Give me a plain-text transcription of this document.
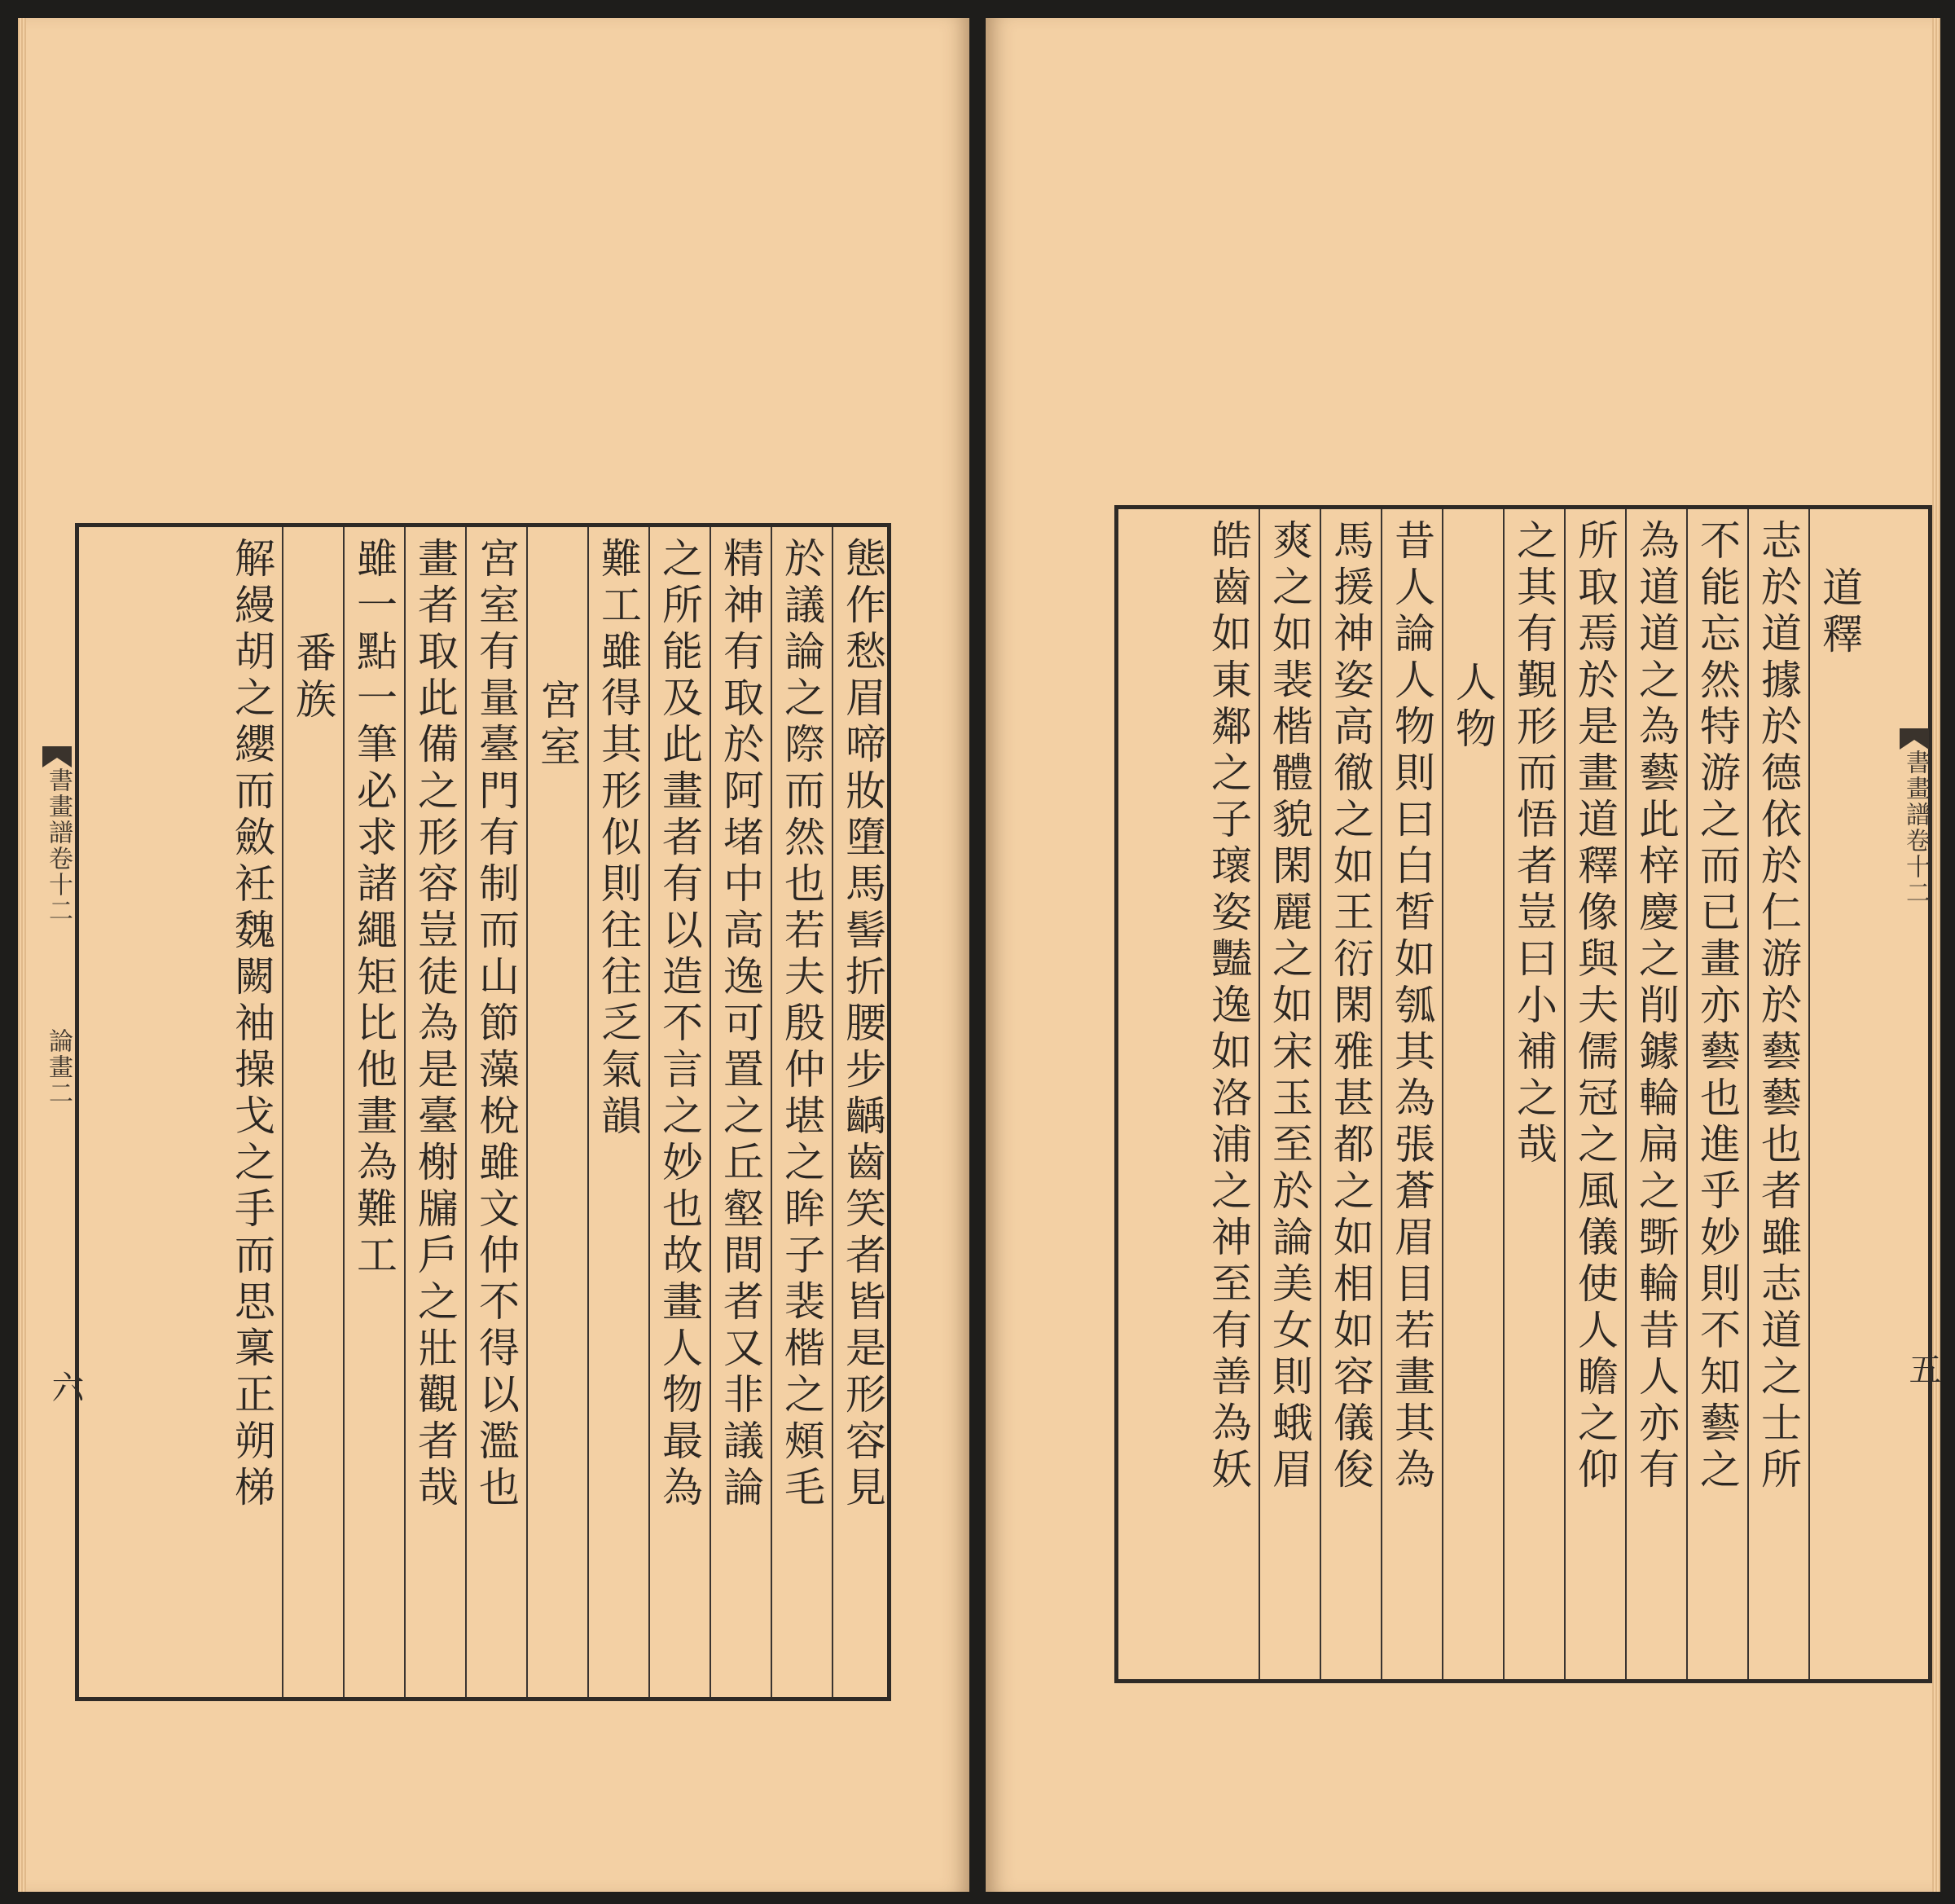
書畫譜卷十二
論畫二
六	態作愁眉啼妝墮馬髻折腰步齲齒笑者皆是形容見
於議論之際而然也若夫殷仲堪之眸子裴楷之頰毛
精神有取於阿堵中高逸可置之丘壑間者又非議論
之所能及此畫者有以造不言之妙也故畫人物最為
難工雖得其形似則往往乏氣韻
宮室
宮室有量臺門有制而山節藻梲雖文仲不得以濫也
畫者取此備之形容豈徒為是臺榭牖戶之壯觀者哉
雖一點一筆必求諸繩矩比他畫為難工
番族
解縵胡之纓而斂衽魏闕袖操戈之手而思稟正朔梯	道釋
志於道據於德依於仁游於藝藝也者雖志道之士所
不能忘然特游之而已畫亦藝也進乎妙則不知藝之
為道道之為藝此梓慶之削鐻輪扁之斲輪昔人亦有
所取焉於是畫道釋像與夫儒冠之風儀使人瞻之仰
之其有覲形而悟者豈曰小補之哉
人物
昔人論人物則曰白皙如瓠其為張蒼眉目若畫其為
馬援神姿高徹之如王衍閑雅甚都之如相如容儀俊
爽之如裴楷體貌閑麗之如宋玉至於論美女則蛾眉
皓齒如東鄰之子瓌姿豔逸如洛浦之神至有善為妖	書畫譜卷十二
五
